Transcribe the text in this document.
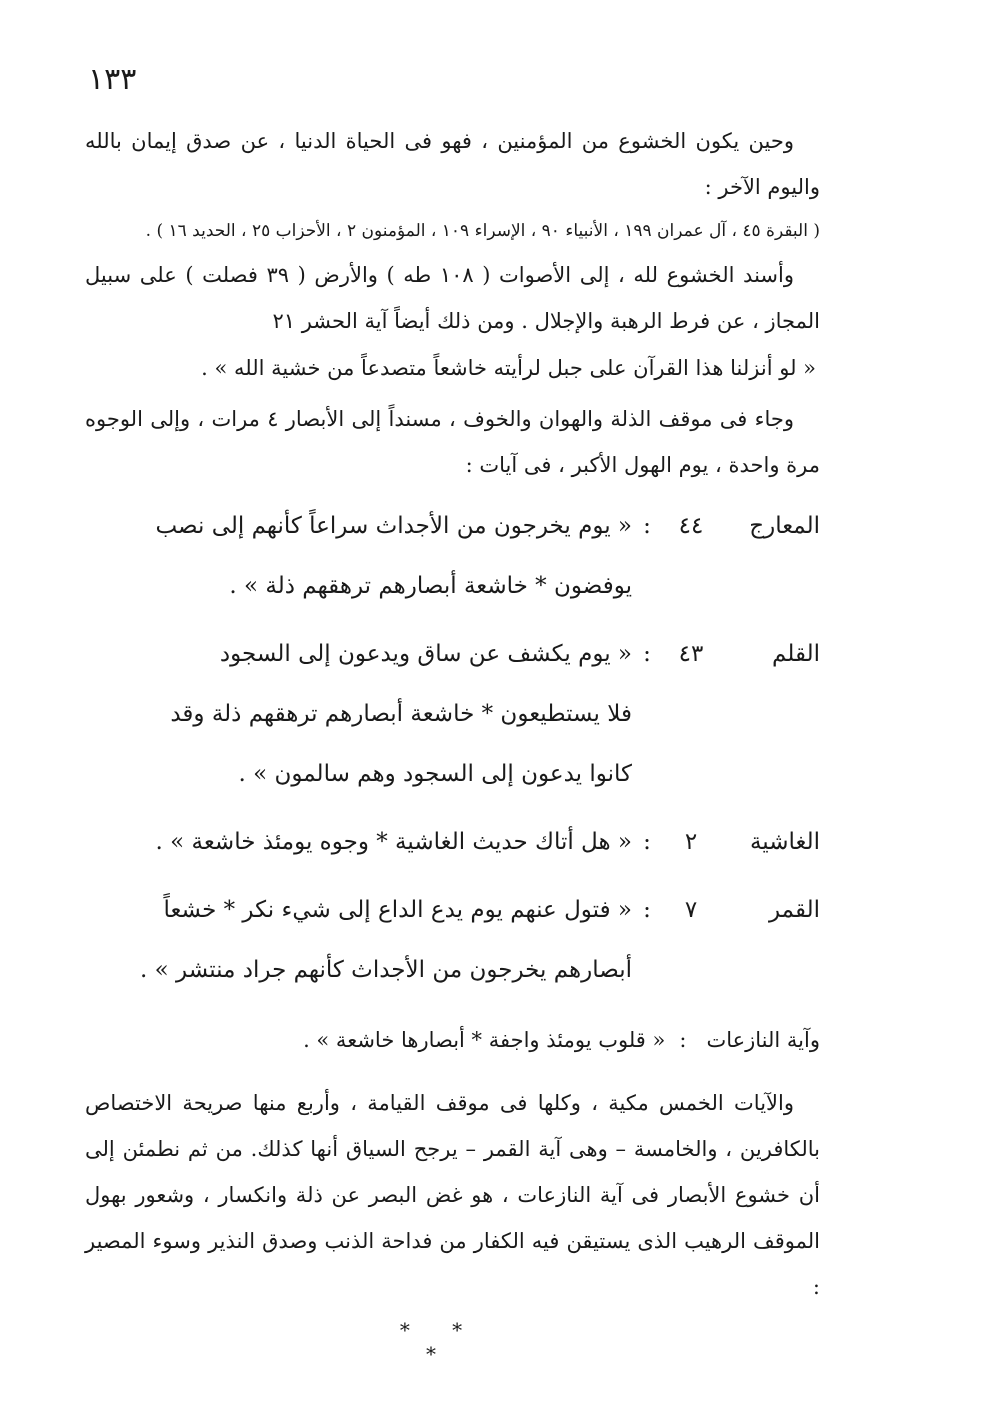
١٣٣

وحين يكون الخشوع من المؤمنين ، فهو فى الحياة الدنيا ، عن صدق إيمان بالله واليوم الآخر :

( البقرة ٤٥ ، آل عمران ١٩٩ ، الأنبياء ٩٠ ، الإسراء ١٠٩ ، المؤمنون ٢ ، الأحزاب ٢٥ ، الحديد ١٦ ) .

وأسند الخشوع لله ، إلى الأصوات ( ١٠٨ طه ) والأرض ( ٣٩ فصلت ) على سبيل المجاز ، عن فرط الرهبة والإجلال . ومن ذلك أيضاً آية الحشر ٢١

« لو أنزلنا هذا القرآن على جبل لرأيته خاشعاً متصدعاً من خشية الله » .

وجاء فى موقف الذلة والهوان والخوف ، مسنداً إلى الأبصار ٤ مرات ، وإلى الوجوه مرة واحدة ، يوم الهول الأكبر ، فى آيات :

المعارج
٤٤
:
« يوم يخرجون من الأجداث سراعاً كأنهم إلى نصب
يوفضون * خاشعة أبصارهم ترهقهم ذلة » .
القلم
٤٣
:
« يوم يكشف عن ساق ويدعون إلى السجود
فلا يستطيعون * خاشعة أبصارهم ترهقهم ذلة وقد
كانوا يدعون إلى السجود وهم سالمون » .
الغاشية
٢
:
« هل أتاك حديث الغاشية * وجوه يومئذ خاشعة » .
القمر
٧
:
« فتول عنهم يوم يدع الداع إلى شيء نكر * خشعاً
أبصارهم يخرجون من الأجداث كأنهم جراد منتشر » .
وآية النازعات
:
« قلوب يومئذ واجفة * أبصارها خاشعة » .

والآيات الخمس مكية ، وكلها فى موقف القيامة ، وأربع منها صريحة الاختصاص بالكافرين ، والخامسة – وهى آية القمر – يرجح السياق أنها كذلك. من ثم نطمئن إلى أن خشوع الأبصار فى آية النازعات ، هو غض البصر عن ذلة وانكسار ، وشعور بهول الموقف الرهيب الذى يستيقن فيه الكفار من فداحة الذنب وصدق النذير وسوء المصير :

* * *
